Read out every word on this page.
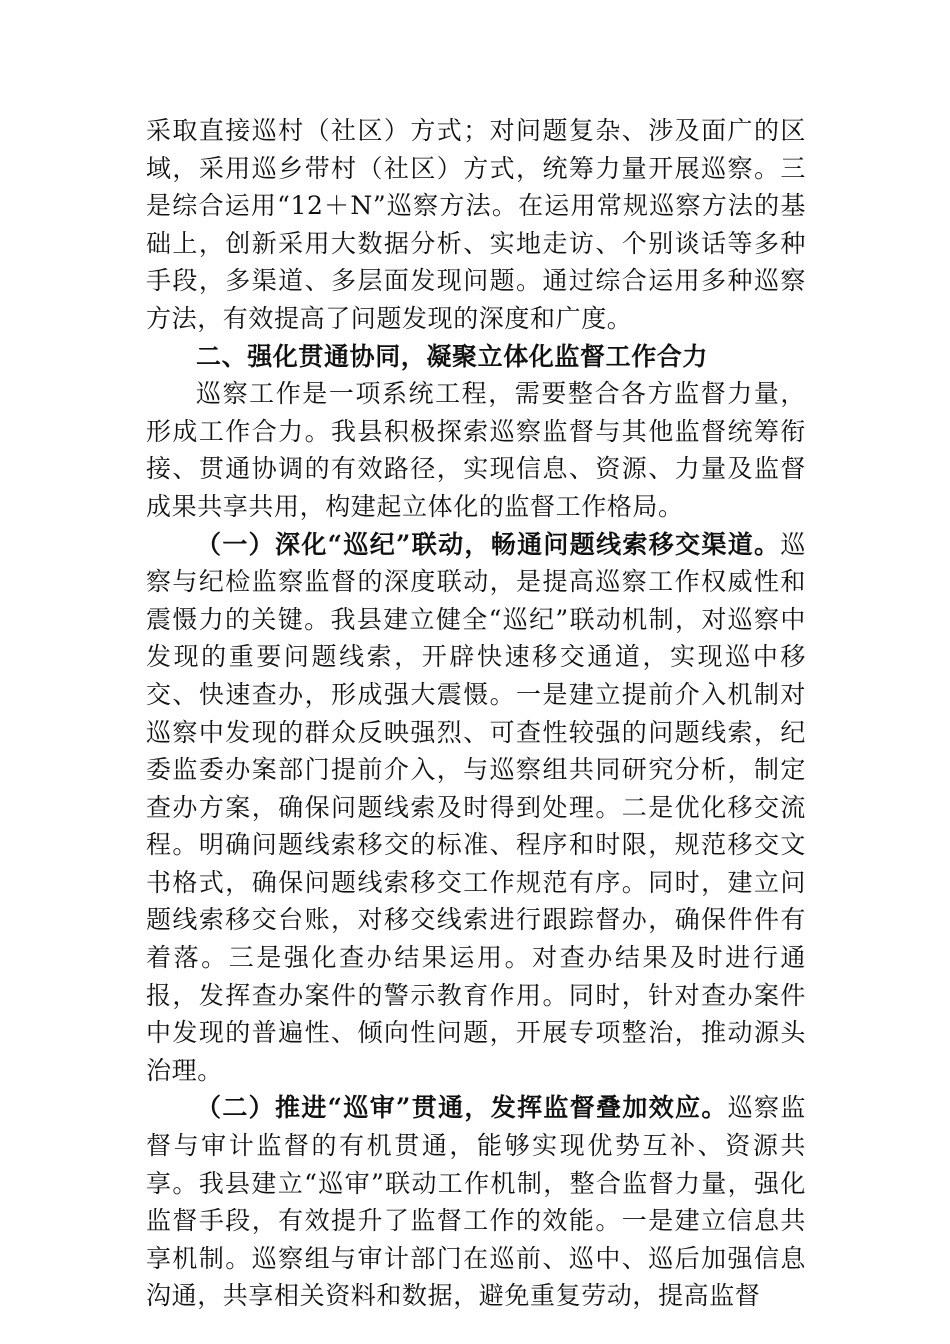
采取直接巡村（社区）方式；对问题复杂、涉及面广的区域，采用巡乡带村（社区）方式，统筹力量开展巡察。三是综合运用“12＋N”巡察方法。在运用常规巡察方法的基础上，创新采用大数据分析、实地走访、个别谈话等多种手段，多渠道、多层面发现问题。通过综合运用多种巡察方法，有效提高了问题发现的深度和广度。

二、强化贯通协同，凝聚立体化监督工作合力

巡察工作是一项系统工程，需要整合各方监督力量，形成工作合力。我县积极探索巡察监督与其他监督统筹衔接、贯通协调的有效路径，实现信息、资源、力量及监督成果共享共用，构建起立体化的监督工作格局。

（一）深化“巡纪”联动，畅通问题线索移交渠道。巡察与纪检监察监督的深度联动，是提高巡察工作权威性和震慑力的关键。我县建立健全“巡纪”联动机制，对巡察中发现的重要问题线索，开辟快速移交通道，实现巡中移交、快速查办，形成强大震慑。一是建立提前介入机制对巡察中发现的群众反映强烈、可查性较强的问题线索，纪委监委办案部门提前介入，与巡察组共同研究分析，制定查办方案，确保问题线索及时得到处理。二是优化移交流程。明确问题线索移交的标准、程序和时限，规范移交文书格式，确保问题线索移交工作规范有序。同时，建立问题线索移交台账，对移交线索进行跟踪督办，确保件件有着落。三是强化查办结果运用。对查办结果及时进行通报，发挥查办案件的警示教育作用。同时，针对查办案件中发现的普遍性、倾向性问题，开展专项整治，推动源头治理。

（二）推进“巡审”贯通，发挥监督叠加效应。巡察监督与审计监督的有机贯通，能够实现优势互补、资源共享。我县建立“巡审”联动工作机制，整合监督力量，强化监督手段，有效提升了监督工作的效能。一是建立信息共享机制。巡察组与审计部门在巡前、巡中、巡后加强信息沟通，共享相关资料和数据，避免重复劳动，提高监督
